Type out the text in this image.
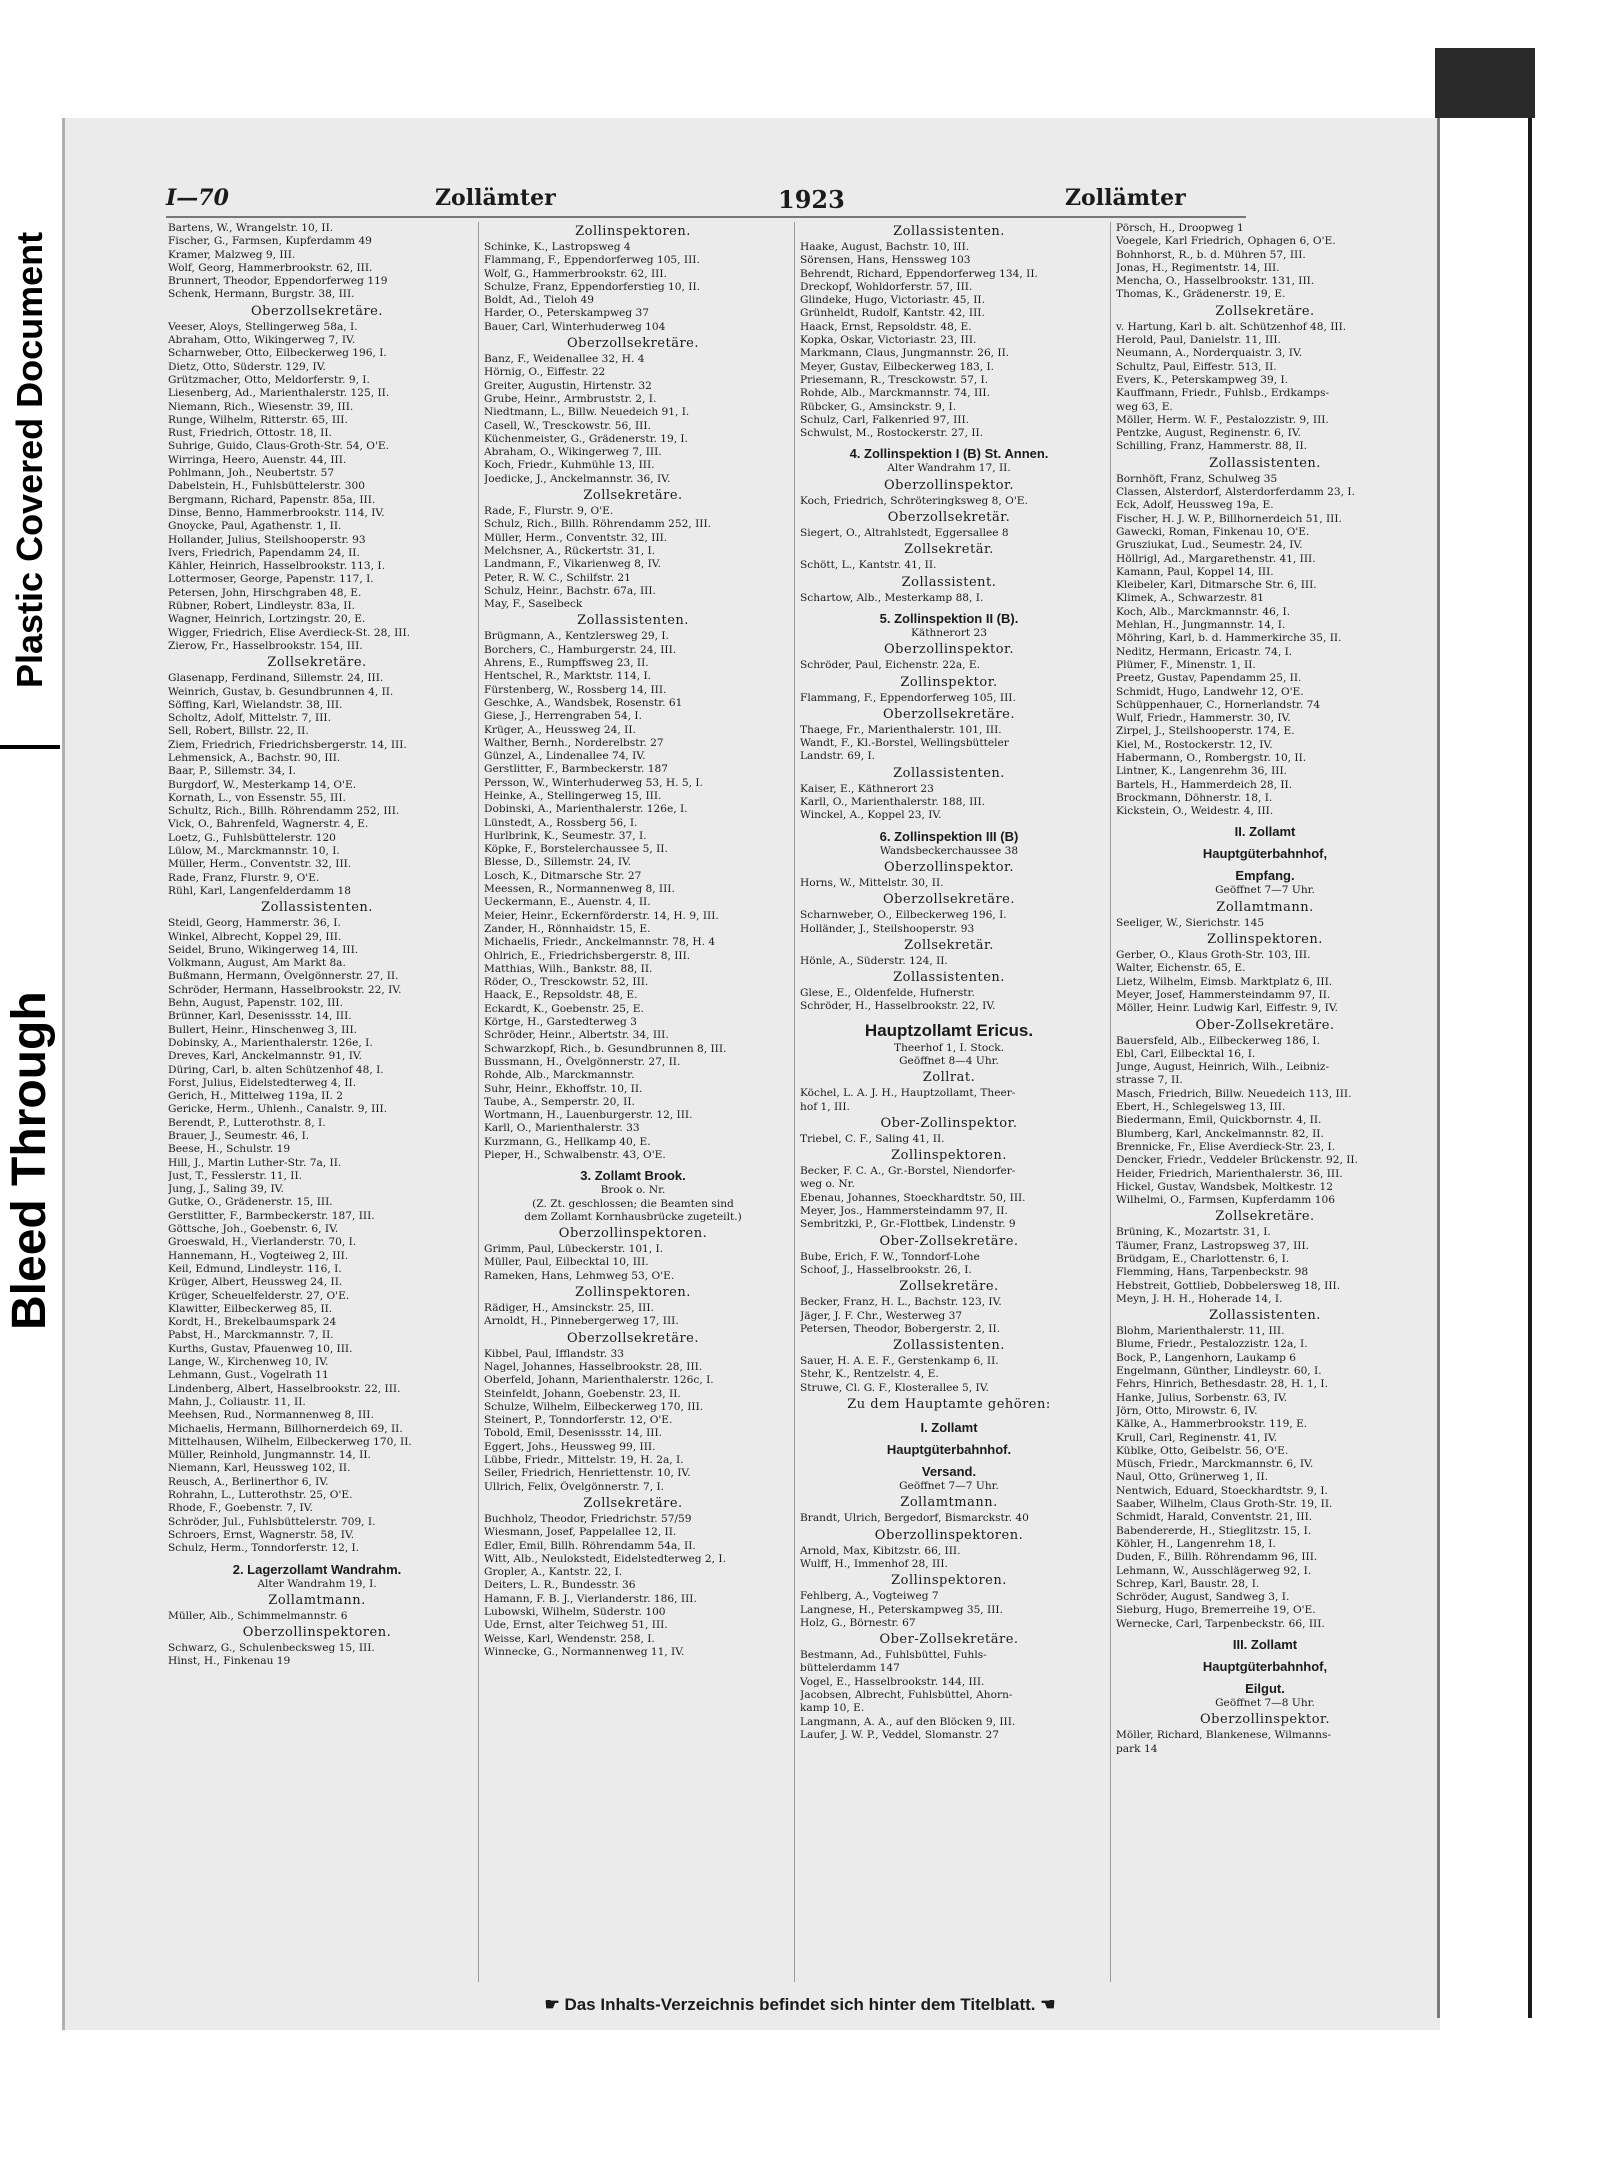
Plastic Covered Document
Bleed Through
I—70	Zollämter	1923	Zollämter
Bartens, W., Wrangelstr. 10, II.
Fischer, G., Farmsen, Kupferdamm 49
Kramer, Malzweg 9, III.
Wolf, Georg, Hammerbrookstr. 62, III.
Brunnert, Theodor, Eppendorferweg 119
Schenk, Hermann, Burgstr. 38, III.
Oberzollsekretäre.
Veeser, Aloys, Stellingerweg 58a, I.
Abraham, Otto, Wikingerweg 7, IV.
Scharnweber, Otto, Eilbeckerweg 196, I.
Dietz, Otto, Süderstr. 129, IV.
Grützmacher, Otto, Meldorferstr. 9, I.
Liesenberg, Ad., Marienthalerstr. 125, II.
Niemann, Rich., Wiesenstr. 39, III.
Runge, Wilhelm, Ritterstr. 65, III.
Rust, Friedrich, Ottostr. 18, II.
Suhrige, Guido, Claus-Groth-Str. 54, O'E.
Wirringa, Heero, Auenstr. 44, III.
Pohlmann, Joh., Neubertstr. 57
Dabelstein, H., Fuhlsbüttelerstr. 300
Bergmann, Richard, Papenstr. 85a, III.
Dinse, Benno, Hammerbrookstr. 114, IV.
Gnoycke, Paul, Agathenstr. 1, II.
Hollander, Julius, Steilshooperstr. 93
Ivers, Friedrich, Papendamm 24, II.
Kähler, Heinrich, Hasselbrookstr. 113, I.
Lottermoser, George, Papenstr. 117, I.
Petersen, John, Hirschgraben 48, E.
Rübner, Robert, Lindleystr. 83a, II.
Wagner, Heinrich, Lortzingstr. 20, E.
Wigger, Friedrich, Elise Averdieck-St. 28, III.
Zierow, Fr., Hasselbrookstr. 154, III.
Zollsekretäre.
Glasenapp, Ferdinand, Sillemstr. 24, III.
Weinrich, Gustav, b. Gesundbrunnen 4, II.
Söffing, Karl, Wielandstr. 38, III.
Scholtz, Adolf, Mittelstr. 7, III.
Sell, Robert, Billstr. 22, II.
Ziem, Friedrich, Friedrichsbergerstr. 14, III.
Lehmensick, A., Bachstr. 90, III.
Baar, P., Sillemstr. 34, I.
Burgdorf, W., Mesterkamp 14, O'E.
Kornath, L., von Essenstr. 55, III.
Schultz, Rich., Billh. Röhrendamm 252, III.
Vick, O., Bahrenfeld, Wagnerstr. 4, E.
Loetz, G., Fuhlsbüttelerstr. 120
Lülow, M., Marckmannstr. 10, I.
Müller, Herm., Conventstr. 32, III.
Rade, Franz, Flurstr. 9, O'E.
Rühl, Karl, Langenfelderdamm 18
Zollassistenten.
Steidl, Georg, Hammerstr. 36, I.
Winkel, Albrecht, Koppel 29, III.
Seidel, Bruno, Wikingerweg 14, III.
Volkmann, August, Am Markt 8a.
Bußmann, Hermann, Övelgönnerstr. 27, II.
Schröder, Hermann, Hasselbrookstr. 22, IV.
Behn, August, Papenstr. 102, III.
Brünner, Karl, Desenissstr. 14, III.
Bullert, Heinr., Hinschenweg 3, III.
Dobinsky, A., Marienthalerstr. 126e, I.
Dreves, Karl, Anckelmannstr. 91, IV.
Düring, Carl, b. alten Schützenhof 48, I.
Forst, Julius, Eidelstedterweg 4, II.
Gerich, H., Mittelweg 119a, II. 2
Gericke, Herm., Uhlenh., Canalstr. 9, III.
Berendt, P., Lutterothstr. 8, I.
Brauer, J., Seumestr. 46, I.
Beese, H., Schulstr. 19
Hill, J., Martin Luther-Str. 7a, II.
Just, T., Fesslerstr. 11, II.
Jung, J., Saling 39, IV.
Gutke, O., Grädenerstr. 15, III.
Gerstlitter, F., Barmbeckerstr. 187, III.
Göttsche, Joh., Goebenstr. 6, IV.
Groeswald, H., Vierlanderstr. 70, I.
Hannemann, H., Vogteiweg 2, III.
Keil, Edmund, Lindleystr. 116, I.
Krüger, Albert, Heussweg 24, II.
Krüger, Scheuelfelderstr. 27, O'E.
Klawitter, Eilbeckerweg 85, II.
Kordt, H., Brekelbaumspark 24
Pabst, H., Marckmannstr. 7, II.
Kurths, Gustav, Pfauenweg 10, III.
Lange, W., Kirchenweg 10, IV.
Lehmann, Gust., Vogelrath 11
Lindenberg, Albert, Hasselbrookstr. 22, III.
Mahn, J., Coliaustr. 11, II.
Meehsen, Rud., Normannenweg 8, III.
Michaelis, Hermann, Billhornerdeich 69, II.
Mittelhausen, Wilhelm, Eilbeckerweg 170, II.
Müller, Reinhold, Jungmannstr. 14, II.
Niemann, Karl, Heussweg 102, II.
Reusch, A., Berlinerthor 6, IV.
Rohrahn, L., Lutterothstr. 25, O'E.
Rhode, F., Goebenstr. 7, IV.
Schröder, Jul., Fuhlsbüttelerstr. 709, I.
Schroers, Ernst, Wagnerstr. 58, IV.
Schulz, Herm., Tonndorferstr. 12, I.
2. Lagerzollamt Wandrahm.
Alter Wandrahm 19, I.
Zollamtmann.
Müller, Alb., Schimmelmannstr. 6
Oberzollinspektoren.
Schwarz, G., Schulenbecksweg 15, III.
Hinst, H., Finkenau 19
Zollinspektoren.
Schinke, K., Lastropsweg 4
Flammang, F., Eppendorferweg 105, III.
Wolf, G., Hammerbrookstr. 62, III.
Schulze, Franz, Eppendorferstieg 10, II.
Boldt, Ad., Tieloh 49
Harder, O., Peterskampweg 37
Bauer, Carl, Winterhuderweg 104
Oberzollsekretäre.
Banz, F., Weidenallee 32, H. 4
Hörnig, O., Eiffestr. 22
Greiter, Augustin, Hirtenstr. 32
Grube, Heinr., Armbruststr. 2, I.
Niedtmann, L., Billw. Neuedeich 91, I.
Casell, W., Tresckowstr. 56, III.
Küchenmeister, G., Grädenerstr. 19, I.
Abraham, O., Wikingerweg 7, III.
Koch, Friedr., Kuhmühle 13, III.
Joedicke, J., Anckelmannstr. 36, IV.
Zollsekretäre.
Rade, F., Flurstr. 9, O'E.
Schulz, Rich., Billh. Röhrendamm 252, III.
Müller, Herm., Conventstr. 32, III.
Melchsner, A., Rückertstr. 31, I.
Landmann, F., Vikarienweg 8, IV.
Peter, R. W. C., Schilfstr. 21
Schulz, Heinr., Bachstr. 67a, III.
May, F., Saselbeck
Zollassistenten.
Brügmann, A., Kentzlersweg 29, I.
Borchers, C., Hamburgerstr. 24, III.
Ahrens, E., Rumpffsweg 23, II.
Hentschel, R., Marktstr. 114, I.
Fürstenberg, W., Rossberg 14, III.
Geschke, A., Wandsbek, Rosenstr. 61
Giese, J., Herrengraben 54, I.
Krüger, A., Heussweg 24, II.
Walther, Bernh., Norderelbstr. 27
Günzel, A., Lindenallee 74, IV.
Gerstlitter, F., Barmbeckerstr. 187
Persson, W., Winterhuderweg 53, H. 5, I.
Heinke, A., Stellingerweg 15, III.
Dobinski, A., Marienthalerstr. 126e, I.
Lünstedt, A., Rossberg 56, I.
Hurlbrink, K., Seumestr. 37, I.
Köpke, F., Borstelerchaussee 5, II.
Blesse, D., Sillemstr. 24, IV.
Losch, K., Ditmarsche Str. 27
Meessen, R., Normannenweg 8, III.
Ueckermann, E., Auenstr. 4, II.
Meier, Heinr., Eckernförderstr. 14, H. 9, III.
Zander, H., Rönnhaidstr. 15, E.
Michaelis, Friedr., Anckelmannstr. 78, H. 4
Ohlrich, E., Friedrichsbergerstr. 8, III.
Matthias, Wilh., Bankstr. 88, II.
Röder, O., Tresckowstr. 52, III.
Haack, E., Repsoldstr. 48, E.
Eckardt, K., Goebenstr. 25, E.
Körtge, H., Garstedterweg 3
Schröder, Heinr., Albertstr. 34, III.
Schwarzkopf, Rich., b. Gesundbrunnen 8, III.
Bussmann, H., Övelgönnerstr. 27, II.
Rohde, Alb., Marckmannstr.
Suhr, Heinr., Ekhoffstr. 10, II.
Taube, A., Semperstr. 20, II.
Wortmann, H., Lauenburgerstr. 12, III.
Karll, O., Marienthalerstr. 33
Kurzmann, G., Hellkamp 40, E.
Pieper, H., Schwalbenstr. 43, O'E.
3. Zollamt Brook.
Brook o. Nr.
(Z. Zt. geschlossen; die Beamten sind
dem Zollamt Kornhausbrücke zugeteilt.)
Oberzollinspektoren.
Grimm, Paul, Lübeckerstr. 101, I.
Müller, Paul, Eilbecktal 10, III.
Rameken, Hans, Lehmweg 53, O'E.
Zollinspektoren.
Rädiger, H., Amsinckstr. 25, III.
Arnoldt, H., Pinnebergerweg 17, III.
Oberzollsekretäre.
Kibbel, Paul, Ifflandstr. 33
Nagel, Johannes, Hasselbrookstr. 28, III.
Oberfeld, Johann, Marienthalerstr. 126c, I.
Steinfeldt, Johann, Goebenstr. 23, II.
Schulze, Wilhelm, Eilbeckerweg 170, III.
Steinert, P., Tonndorferstr. 12, O'E.
Tobold, Emil, Desenissstr. 14, III.
Eggert, Johs., Heussweg 99, III.
Lübbe, Friedr., Mittelstr. 19, H. 2a, I.
Seiler, Friedrich, Henriettenstr. 10, IV.
Ullrich, Felix, Övelgönnerstr. 7, I.
Zollsekretäre.
Buchholz, Theodor, Friedrichstr. 57/59
Wiesmann, Josef, Pappelallee 12, II.
Edler, Emil, Billh. Röhrendamm 54a, II.
Witt, Alb., Neulokstedt, Eidelstedterweg 2, I.
Gropler, A., Kantstr. 22, I.
Deiters, L. R., Bundesstr. 36
Hamann, F. B. J., Vierlanderstr. 186, III.
Lubowski, Wilhelm, Süderstr. 100
Ude, Ernst, alter Teichweg 51, III.
Weisse, Karl, Wendenstr. 258, I.
Winnecke, G., Normannenweg 11, IV.
Zollassistenten.
Haake, August, Bachstr. 10, III.
Sörensen, Hans, Henssweg 103
Behrendt, Richard, Eppendorferweg 134, II.
Dreckopf, Wohldorferstr. 57, III.
Glindeke, Hugo, Victoriastr. 45, II.
Grünheldt, Rudolf, Kantstr. 42, III.
Haack, Ernst, Repsoldstr. 48, E.
Kopka, Oskar, Victoriastr. 23, III.
Markmann, Claus, Jungmannstr. 26, II.
Meyer, Gustav, Eilbeckerweg 183, I.
Priesemann, R., Tresckowstr. 57, I.
Rohde, Alb., Marckmannstr. 74, III.
Rübcker, G., Amsinckstr. 9, I.
Schulz, Carl, Falkenried 97, III.
Schwulst, M., Rostockerstr. 27, II.
4. Zollinspektion I (B) St. Annen.
Alter Wandrahm 17, II.
Oberzollinspektor.
Koch, Friedrich, Schröteringksweg 8, O'E.
Oberzollsekretär.
Siegert, O., Altrahlstedt, Eggersallee 8
Zollsekretär.
Schött, L., Kantstr. 41, II.
Zollassistent.
Schartow, Alb., Mesterkamp 88, I.
5. Zollinspektion II (B).
Käthnerort 23
Oberzollinspektor.
Schröder, Paul, Eichenstr. 22a, E.
Zollinspektor.
Flammang, F., Eppendorferweg 105, III.
Oberzollsekretäre.
Thaege, Fr., Marienthalerstr. 101, III.
Wandt, F., Kl.-Borstel, Wellingsbütteler
Landstr. 69, I.
Zollassistenten.
Kaiser, E., Käthnerort 23
Karll, O., Marienthalerstr. 188, III.
Winckel, A., Koppel 23, IV.
6. Zollinspektion III (B)
Wandsbeckerchaussee 38
Oberzollinspektor.
Horns, W., Mittelstr. 30, II.
Oberzollsekretäre.
Scharnweber, O., Eilbeckerweg 196, I.
Holländer, J., Steilshooperstr. 93
Zollsekretär.
Hönle, A., Süderstr. 124, II.
Zollassistenten.
Glese, E., Oldenfelde, Hufnerstr.
Schröder, H., Hasselbrookstr. 22, IV.
Hauptzollamt Ericus.
Theerhof 1, I. Stock.
Geöffnet 8—4 Uhr.
Zollrat.
Köchel, L. A. J. H., Hauptzollamt, Theer-
hof 1, III.
Ober-Zollinspektor.
Triebel, C. F., Saling 41, II.
Zollinspektoren.
Becker, F. C. A., Gr.-Borstel, Niendorfer-
weg o. Nr.
Ebenau, Johannes, Stoeckhardtstr. 50, III.
Meyer, Jos., Hammersteindamm 97, II.
Sembritzki, P., Gr.-Flottbek, Lindenstr. 9
Ober-Zollsekretäre.
Bube, Erich, F. W., Tonndorf-Lohe
Schoof, J., Hasselbrookstr. 26, I.
Zollsekretäre.
Becker, Franz, H. L., Bachstr. 123, IV.
Jäger, J. F. Chr., Westerweg 37
Petersen, Theodor, Bobergerstr. 2, II.
Zollassistenten.
Sauer, H. A. E. F., Gerstenkamp 6, II.
Stehr, K., Rentzelstr. 4, E.
Struwe, Cl. G. F., Klosterallee 5, IV.
Zu dem Hauptamte gehören:
I. Zollamt
Hauptgüterbahnhof.
Versand.
Geöffnet 7—7 Uhr.
Zollamtmann.
Brandt, Ulrich, Bergedorf, Bismarckstr. 40
Oberzollinspektoren.
Arnold, Max, Kibitzstr. 66, III.
Wulff, H., Immenhof 28, III.
Zollinspektoren.
Fehlberg, A., Vogteiweg 7
Langnese, H., Peterskampweg 35, III.
Holz, G., Börnestr. 67
Ober-Zollsekretäre.
Bestmann, Ad., Fuhlsbüttel, Fuhls-
büttelerdamm 147
Vogel, E., Hasselbrookstr. 144, III.
Jacobsen, Albrecht, Fuhlsbüttel, Ahorn-
kamp 10, E.
Langmann, A. A., auf den Blöcken 9, III.
Laufer, J. W. P., Veddel, Slomanstr. 27
Pörsch, H., Droopweg 1
Voegele, Karl Friedrich, Ophagen 6, O'E.
Bohnhorst, R., b. d. Mühren 57, III.
Jonas, H., Regimentstr. 14, III.
Mencha, O., Hasselbrookstr. 131, III.
Thomas, K., Grädenerstr. 19, E.
Zollsekretäre.
v. Hartung, Karl b. alt. Schützenhof 48, III.
Herold, Paul, Danielstr. 11, III.
Neumann, A., Norderquaistr. 3, IV.
Schultz, Paul, Eiffestr. 513, II.
Evers, K., Peterskampweg 39, I.
Kauffmann, Friedr., Fuhlsb., Erdkamps-
weg 63, E.
Möller, Herm. W. F., Pestalozzistr. 9, III.
Pentzke, August, Reginenstr. 6, IV.
Schilling, Franz, Hammerstr. 88, II.
Zollassistenten.
Bornhöft, Franz, Schulweg 35
Classen, Alsterdorf, Alsterdorferdamm 23, I.
Eck, Adolf, Heussweg 19a, E.
Fischer, H. J. W. P., Billhornerdeich 51, III.
Gawecki, Roman, Finkenau 10, O'E.
Grusziukat, Lud., Seumestr. 24, IV.
Höllrigl, Ad., Margarethenstr. 41, III.
Kamann, Paul, Koppel 14, III.
Kleibeler, Karl, Ditmarsche Str. 6, III.
Klimek, A., Schwarzestr. 81
Koch, Alb., Marckmannstr. 46, I.
Mehlan, H., Jungmannstr. 14, I.
Möhring, Karl, b. d. Hammerkirche 35, II.
Neditz, Hermann, Ericastr. 74, I.
Plümer, F., Minenstr. 1, II.
Preetz, Gustav, Papendamm 25, II.
Schmidt, Hugo, Landwehr 12, O'E.
Schüppenhauer, C., Hornerlandstr. 74
Wulf, Friedr., Hammerstr. 30, IV.
Zirpel, J., Steilshooperstr. 174, E.
Kiel, M., Rostockerstr. 12, IV.
Habermann, O., Rombergstr. 10, II.
Lintner, K., Langenrehm 36, III.
Bartels, H., Hammerdeich 28, II.
Brockmann, Döhnerstr. 18, I.
Kickstein, O., Weidestr. 4, III.
II. Zollamt
Hauptgüterbahnhof,
Empfang.
Geöffnet 7—7 Uhr.
Zollamtmann.
Seeliger, W., Sierichstr. 145
Zollinspektoren.
Gerber, O., Klaus Groth-Str. 103, III.
Walter, Eichenstr. 65, E.
Lietz, Wilhelm, Eimsb. Marktplatz 6, III.
Meyer, Josef, Hammersteindamm 97, II.
Möller, Heinr. Ludwig Karl, Eiffestr. 9, IV.
Ober-Zollsekretäre.
Bauersfeld, Alb., Eilbeckerweg 186, I.
Ebl, Carl, Eilbecktal 16, I.
Junge, August, Heinrich, Wilh., Leibniz-
strasse 7, II.
Masch, Friedrich, Billw. Neuedeich 113, III.
Ebert, H., Schlegelsweg 13, III.
Biedermann, Emil, Quickbornstr. 4, II.
Blumberg, Karl, Anckelmannstr. 82, II.
Brennicke, Fr., Elise Averdieck-Str. 23, I.
Dencker, Friedr., Veddeler Brückenstr. 92, II.
Heider, Friedrich, Marienthalerstr. 36, III.
Hickel, Gustav, Wandsbek, Moltkestr. 12
Wilhelmi, O., Farmsen, Kupferdamm 106
Zollsekretäre.
Brüning, K., Mozartstr. 31, I.
Täumer, Franz, Lastropsweg 37, III.
Brüdgam, E., Charlottenstr. 6, I.
Flemming, Hans, Tarpenbeckstr. 98
Hebstreit, Gottlieb, Dobbelersweg 18, III.
Meyn, J. H. H., Hoherade 14, I.
Zollassistenten.
Blohm, Marienthalerstr. 11, III.
Blume, Friedr., Pestalozzistr. 12a, I.
Bock, P., Langenhorn, Laukamp 6
Engelmann, Günther, Lindleystr. 60, I.
Fehrs, Hinrich, Bethesdastr. 28, H. 1, I.
Hanke, Julius, Sorbenstr. 63, IV.
Jörn, Otto, Mirowstr. 6, IV.
Kälke, A., Hammerbrookstr. 119, E.
Krull, Carl, Reginenstr. 41, IV.
Küblke, Otto, Geibelstr. 56, O'E.
Müsch, Friedr., Marckmannstr. 6, IV.
Naul, Otto, Grünerweg 1, II.
Nentwich, Eduard, Stoeckhardtstr. 9, I.
Saaber, Wilhelm, Claus Groth-Str. 19, II.
Schmidt, Harald, Conventstr. 21, III.
Babendererde, H., Stieglitzstr. 15, I.
Köhler, H., Langenrehm 18, I.
Duden, F., Billh. Röhrendamm 96, III.
Lehmann, W., Ausschlägerweg 92, I.
Schrep, Karl, Baustr. 28, I.
Schröder, August, Sandweg 3, I.
Sieburg, Hugo, Bremerreihe 19, O'E.
Wernecke, Carl, Tarpenbeckstr. 66, III.
III. Zollamt
Hauptgüterbahnhof,
Eilgut.
Geöffnet 7—8 Uhr.
Oberzollinspektor.
Möller, Richard, Blankenese, Wilmanns-
park 14
☛ Das Inhalts-Verzeichnis befindet sich hinter dem Titelblatt. ☚
